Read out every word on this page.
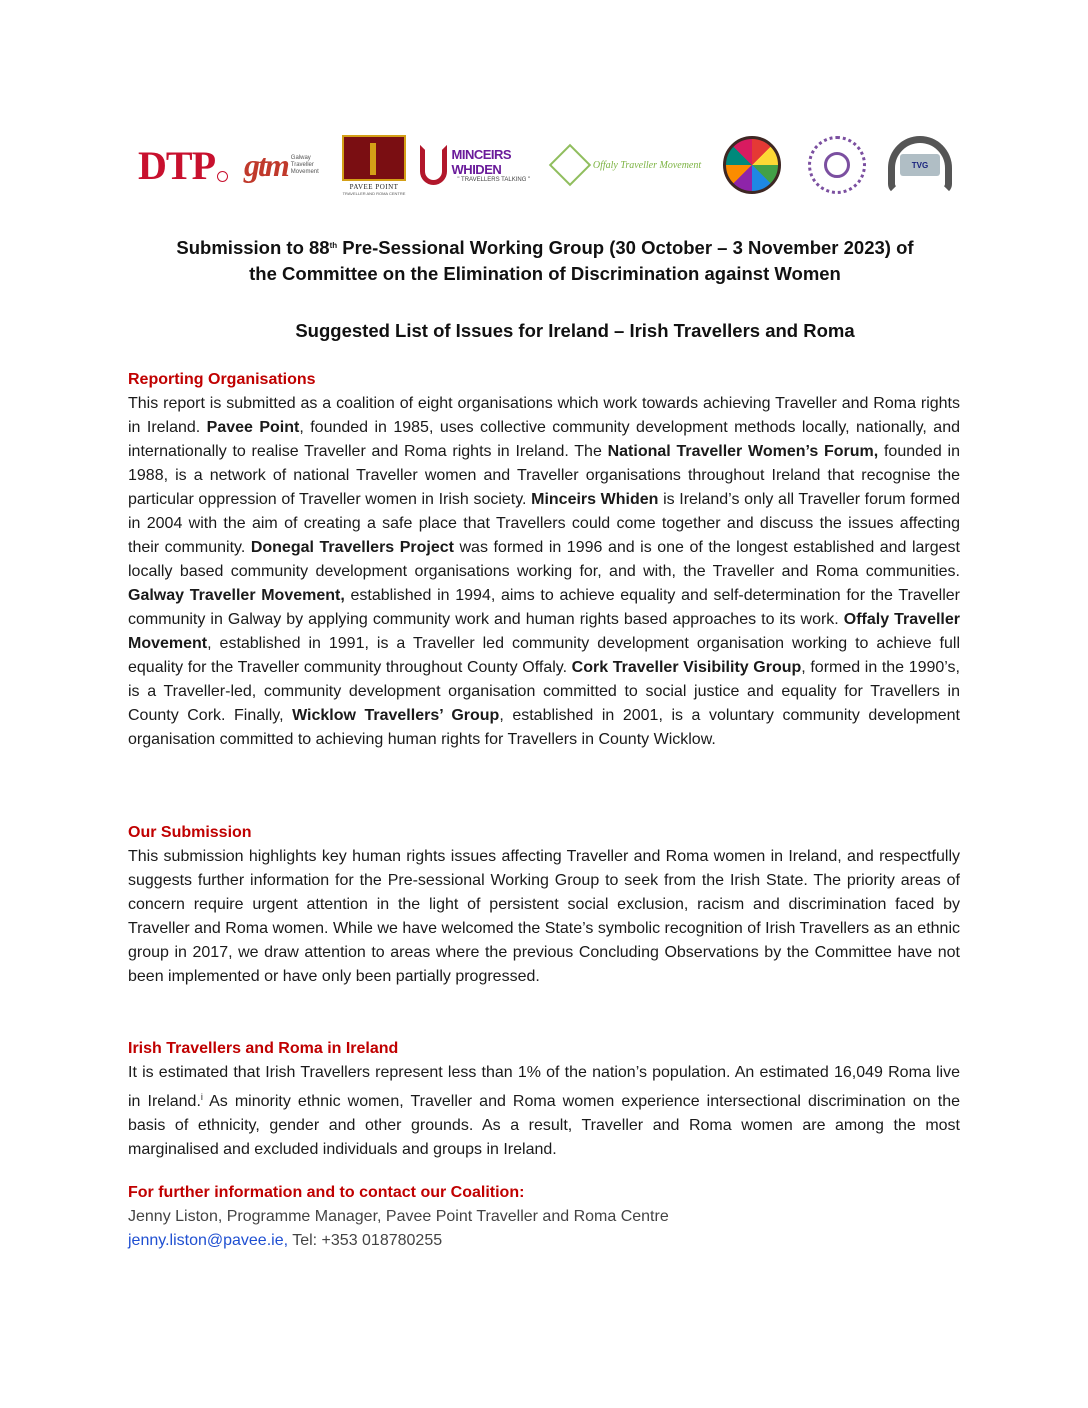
DTP gtm Galway Traveller Movement
PAVEE POINT
TRAVELLER AND ROMA CENTRE
MINCEIRS WHIDEN
" TRAVELLERS TALKING "
Offaly Traveller Movement	TVG
Submission to 88th Pre-Sessional Working Group (30 October – 3 November 2023) of
the Committee on the Elimination of Discrimination against Women
Suggested List of Issues for Ireland – Irish Travellers and Roma
Reporting Organisations
This report is submitted as a coalition of eight organisations which work towards achieving Traveller and Roma rights in Ireland. Pavee Point, founded in 1985, uses collective community development methods locally, nationally, and internationally to realise Traveller and Roma rights in Ireland. The National Traveller Women’s Forum, founded in 1988, is a network of national Traveller women and Traveller organisations throughout Ireland that recognise the particular oppression of Traveller women in Irish society. Minceirs Whiden is Ireland’s only all Traveller forum formed in 2004 with the aim of creating a safe place that Travellers could come together and discuss the issues affecting their community. Donegal Travellers Project was formed in 1996 and is one of the longest established and largest locally based community development organisations working for, and with, the Traveller and Roma communities. Galway Traveller Movement, established in 1994, aims to achieve equality and self-determination for the Traveller community in Galway by applying community work and human rights based approaches to its work. Offaly Traveller Movement, established in 1991, is a Traveller led community development organisation working to achieve full equality for the Traveller community throughout County Offaly. Cork Traveller Visibility Group, formed in the 1990’s, is a Traveller-led, community development organisation committed to social justice and equality for Travellers in County Cork. Finally, Wicklow Travellers’ Group, established in 2001, is a voluntary community development organisation committed to achieving human rights for Travellers in County Wicklow.
Our Submission
This submission highlights key human rights issues affecting Traveller and Roma women in Ireland, and respectfully suggests further information for the Pre-sessional Working Group to seek from the Irish State. The priority areas of concern require urgent attention in the light of persistent social exclusion, racism and discrimination faced by Traveller and Roma women. While we have welcomed the State’s symbolic recognition of Irish Travellers as an ethnic group in 2017, we draw attention to areas where the previous Concluding Observations by the Committee have not been implemented or have only been partially progressed.
Irish Travellers and Roma in Ireland
It is estimated that Irish Travellers represent less than 1% of the nation’s population. An estimated 16,049 Roma live in Ireland.$^i$ As minority ethnic women, Traveller and Roma women experience intersectional discrimination on the basis of ethnicity, gender and other grounds. As a result, Traveller and Roma women are among the most marginalised and excluded individuals and groups in Ireland.
For further information and to contact our Coalition:
Jenny Liston, Programme Manager, Pavee Point Traveller and Roma Centre
jenny.liston@pavee.ie, Tel: +353 018780255
